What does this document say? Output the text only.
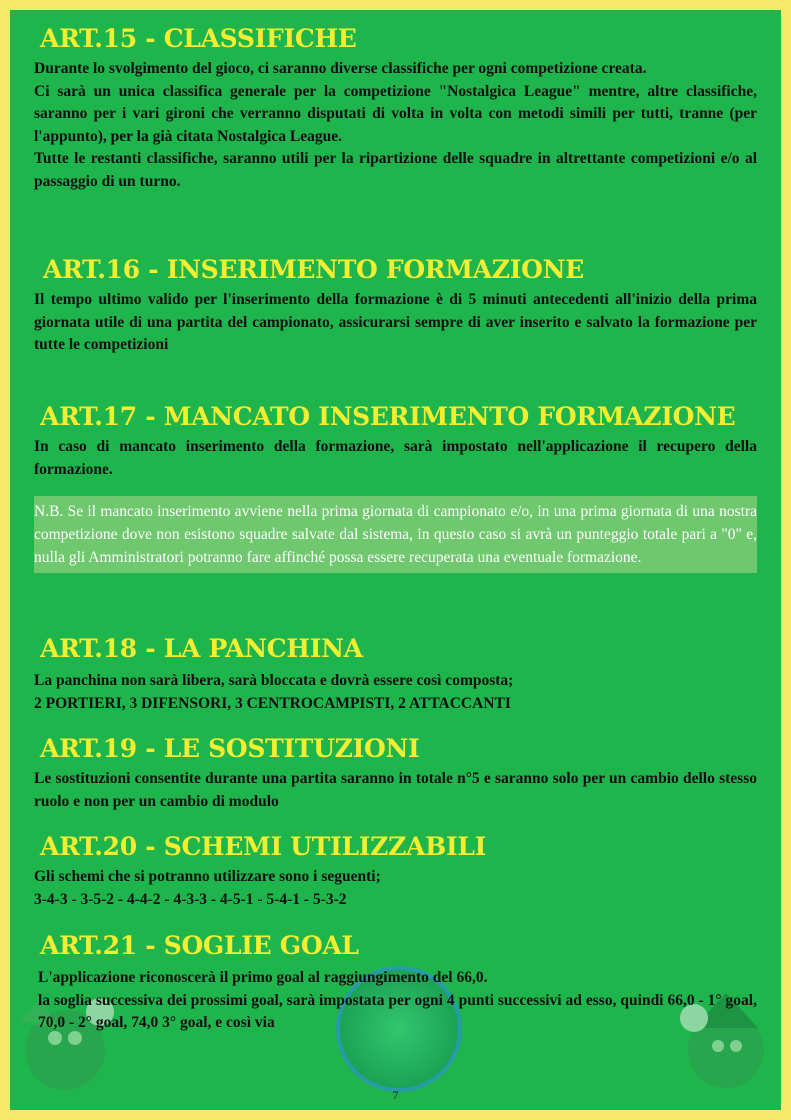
ART.15 - CLASSIFICHE

Durante lo svolgimento del gioco, ci saranno diverse classifiche per ogni competizione creata.

Ci sarà un unica classifica generale per la competizione "Nostalgica League" mentre, altre classifiche, saranno per i vari gironi che verranno disputati di volta in volta con metodi simili per tutti, tranne (per l'appunto), per la già citata Nostalgica League.

Tutte le restanti classifiche, saranno utili per la ripartizione delle squadre in altrettante competizioni e/o al passaggio di un turno.

ART.16 - INSERIMENTO FORMAZIONE

Il tempo ultimo valido per l'inserimento della formazione è di 5 minuti antecedenti all'inizio della prima giornata utile di una partita del campionato, assicurarsi sempre di aver inserito e salvato la formazione per tutte le competizioni

ART.17 - MANCATO INSERIMENTO FORMAZIONE

In caso di mancato inserimento della formazione, sarà impostato nell'applicazione il recupero della formazione.

N.B. Se il mancato inserimento avviene nella prima giornata di campionato e/o, in una prima giornata di una nostra competizione dove non esistono squadre salvate dal sistema, in questo caso si avrà un punteggio totale pari a "0" e, nulla gli Amministratori potranno fare affinché possa essere recuperata una eventuale formazione.

ART.18 - LA PANCHINA

La panchina non sarà libera, sarà bloccata e dovrà essere così composta;

2 PORTIERI, 3 DIFENSORI, 3 CENTROCAMPISTI, 2 ATTACCANTI

ART.19 - LE SOSTITUZIONI

Le sostituzioni consentite durante una partita saranno in totale n°5 e saranno solo per un cambio dello stesso ruolo e non per un cambio di modulo

ART.20 - SCHEMI UTILIZZABILI

Gli schemi che si potranno utilizzare sono i seguenti;

3-4-3 - 3-5-2 - 4-4-2 - 4-3-3 - 4-5-1 - 5-4-1 - 5-3-2

ART.21 - SOGLIE GOAL

L'applicazione riconoscerà il primo goal al raggiungimento del 66,0.

la soglia successiva dei prossimi goal, sarà impostata per ogni 4 punti successivi ad esso, quindi 66,0 - 1° goal, 70,0 - 2° goal, 74,0 3° goal, e così via

7
